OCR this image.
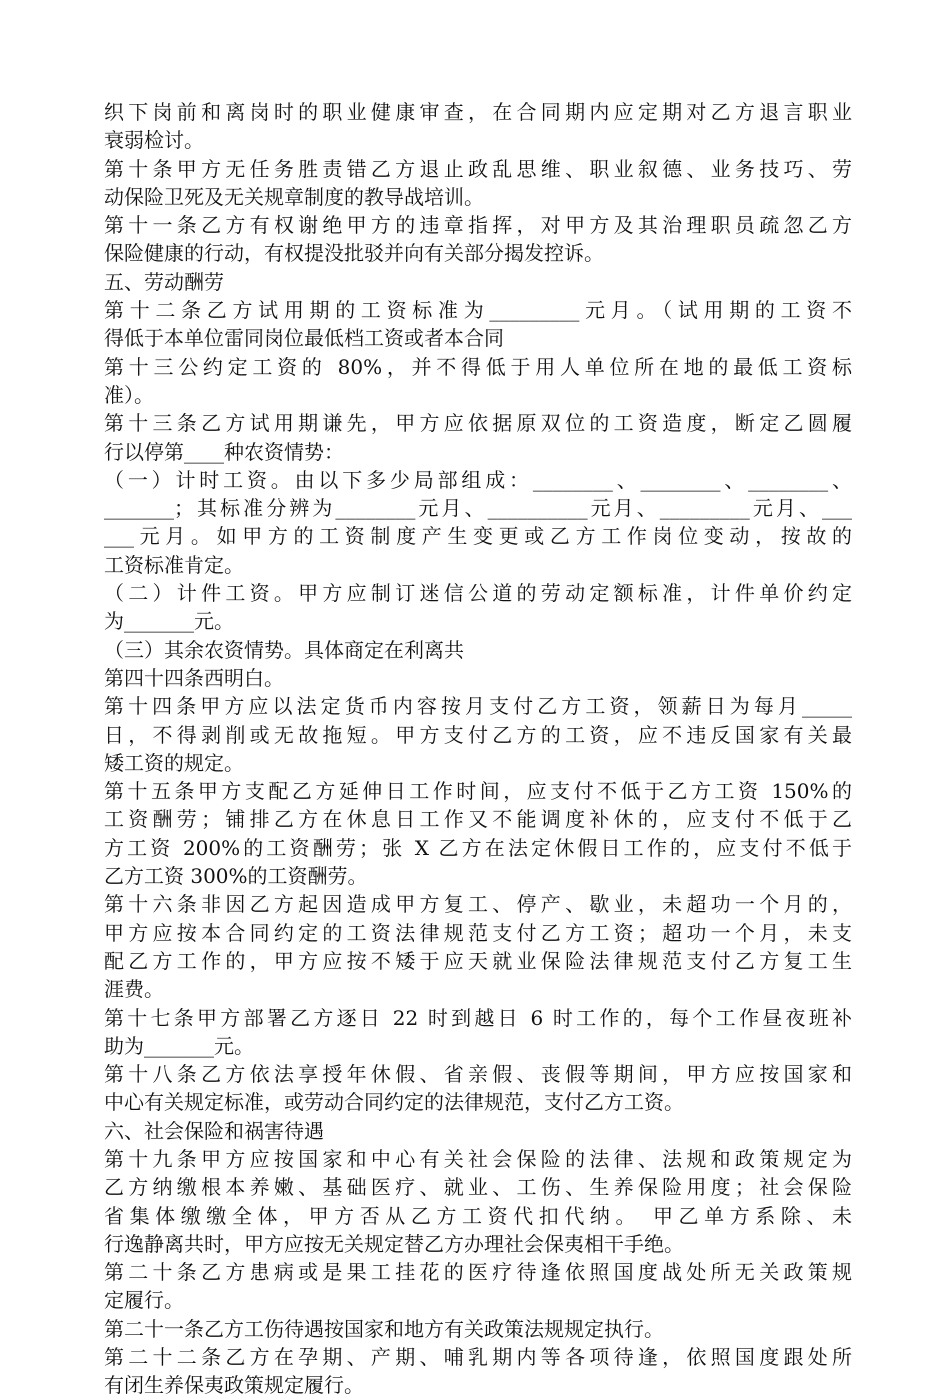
织下岗前和离岗时的职业健康审查，在合同期内应定期对乙方退言职业
衰弱检讨。
第十条甲方无任务胜责错乙方退止政乱思维、职业叙德、业务技巧、劳
动保险卫死及无关规章制度的教导战培训。
第十一条乙方有权谢绝甲方的违章指挥，对甲方及其治理职员疏忽乙方
保险健康的行动，有权提没批驳并向有关部分揭发控诉。
五、劳动酬劳
第十二条乙方试用期的工资标准为_________元月。（试用期的工资不
得低于本单位雷同岗位最低档工资或者本合同
第十三公约定工资的 80%，并不得低于用人单位所在地的最低工资标
准）。
第十三条乙方试用期谦先，甲方应依据原双位的工资造度，断定乙圆履
行以停第____种农资情势：
（一）计时工资。由以下多少局部组成：________、________、________、
_______；其标准分辨为________元月、__________元月、_________元月、___
___元月。如甲方的工资制度产生变更或乙方工作岗位变动，按故的
工资标准肯定。
（二）计件工资。甲方应制订迷信公道的劳动定额标准，计件单价约定
为_______元。
（三）其余农资情势。具体商定在利离共
第四十四条西明白。
第十四条甲方应以法定货币内容按月支付乙方工资，领薪日为每月_____
日，不得剥削或无故拖短。甲方支付乙方的工资，应不违反国家有关最
矮工资的规定。
第十五条甲方支配乙方延伸日工作时间，应支付不低于乙方工资 150%的
工资酬劳；铺排乙方在休息日工作又不能调度补休的，应支付不低于乙
方工资 200%的工资酬劳；张 X 乙方在法定休假日工作的，应支付不低于
乙方工资 300%的工资酬劳。
第十六条非因乙方起因造成甲方复工、停产、歇业，未超功一个月的，
甲方应按本合同约定的工资法律规范支付乙方工资；超功一个月，未支
配乙方工作的，甲方应按不矮于应天就业保险法律规范支付乙方复工生
涯费。
第十七条甲方部署乙方逐日 22 时到越日 6 时工作的，每个工作昼夜班补
助为_______元。
第十八条乙方依法享授年休假、省亲假、丧假等期间，甲方应按国家和
中心有关规定标准，或劳动合同约定的法律规范，支付乙方工资。
六、社会保险和祸害待遇
第十九条甲方应按国家和中心有关社会保险的法律、法规和政策规定为
乙方纳缴根本养嫩、基础医疗、就业、工伤、生养保险用度；社会保险
省集体缴缴全体，甲方否从乙方工资代扣代纳。 甲乙单方系除、未
行逸静离共时，甲方应按无关规定替乙方办理社会保夷相干手绝。
第二十条乙方患病或是果工挂花的医疗待逢依照国度战处所无关政策规
定履行。
第二十一条乙方工伤待遇按国家和地方有关政策法规规定执行。
第二十二条乙方在孕期、产期、哺乳期内等各项待逢，依照国度跟处所
有闭生养保夷政策规定履行。
